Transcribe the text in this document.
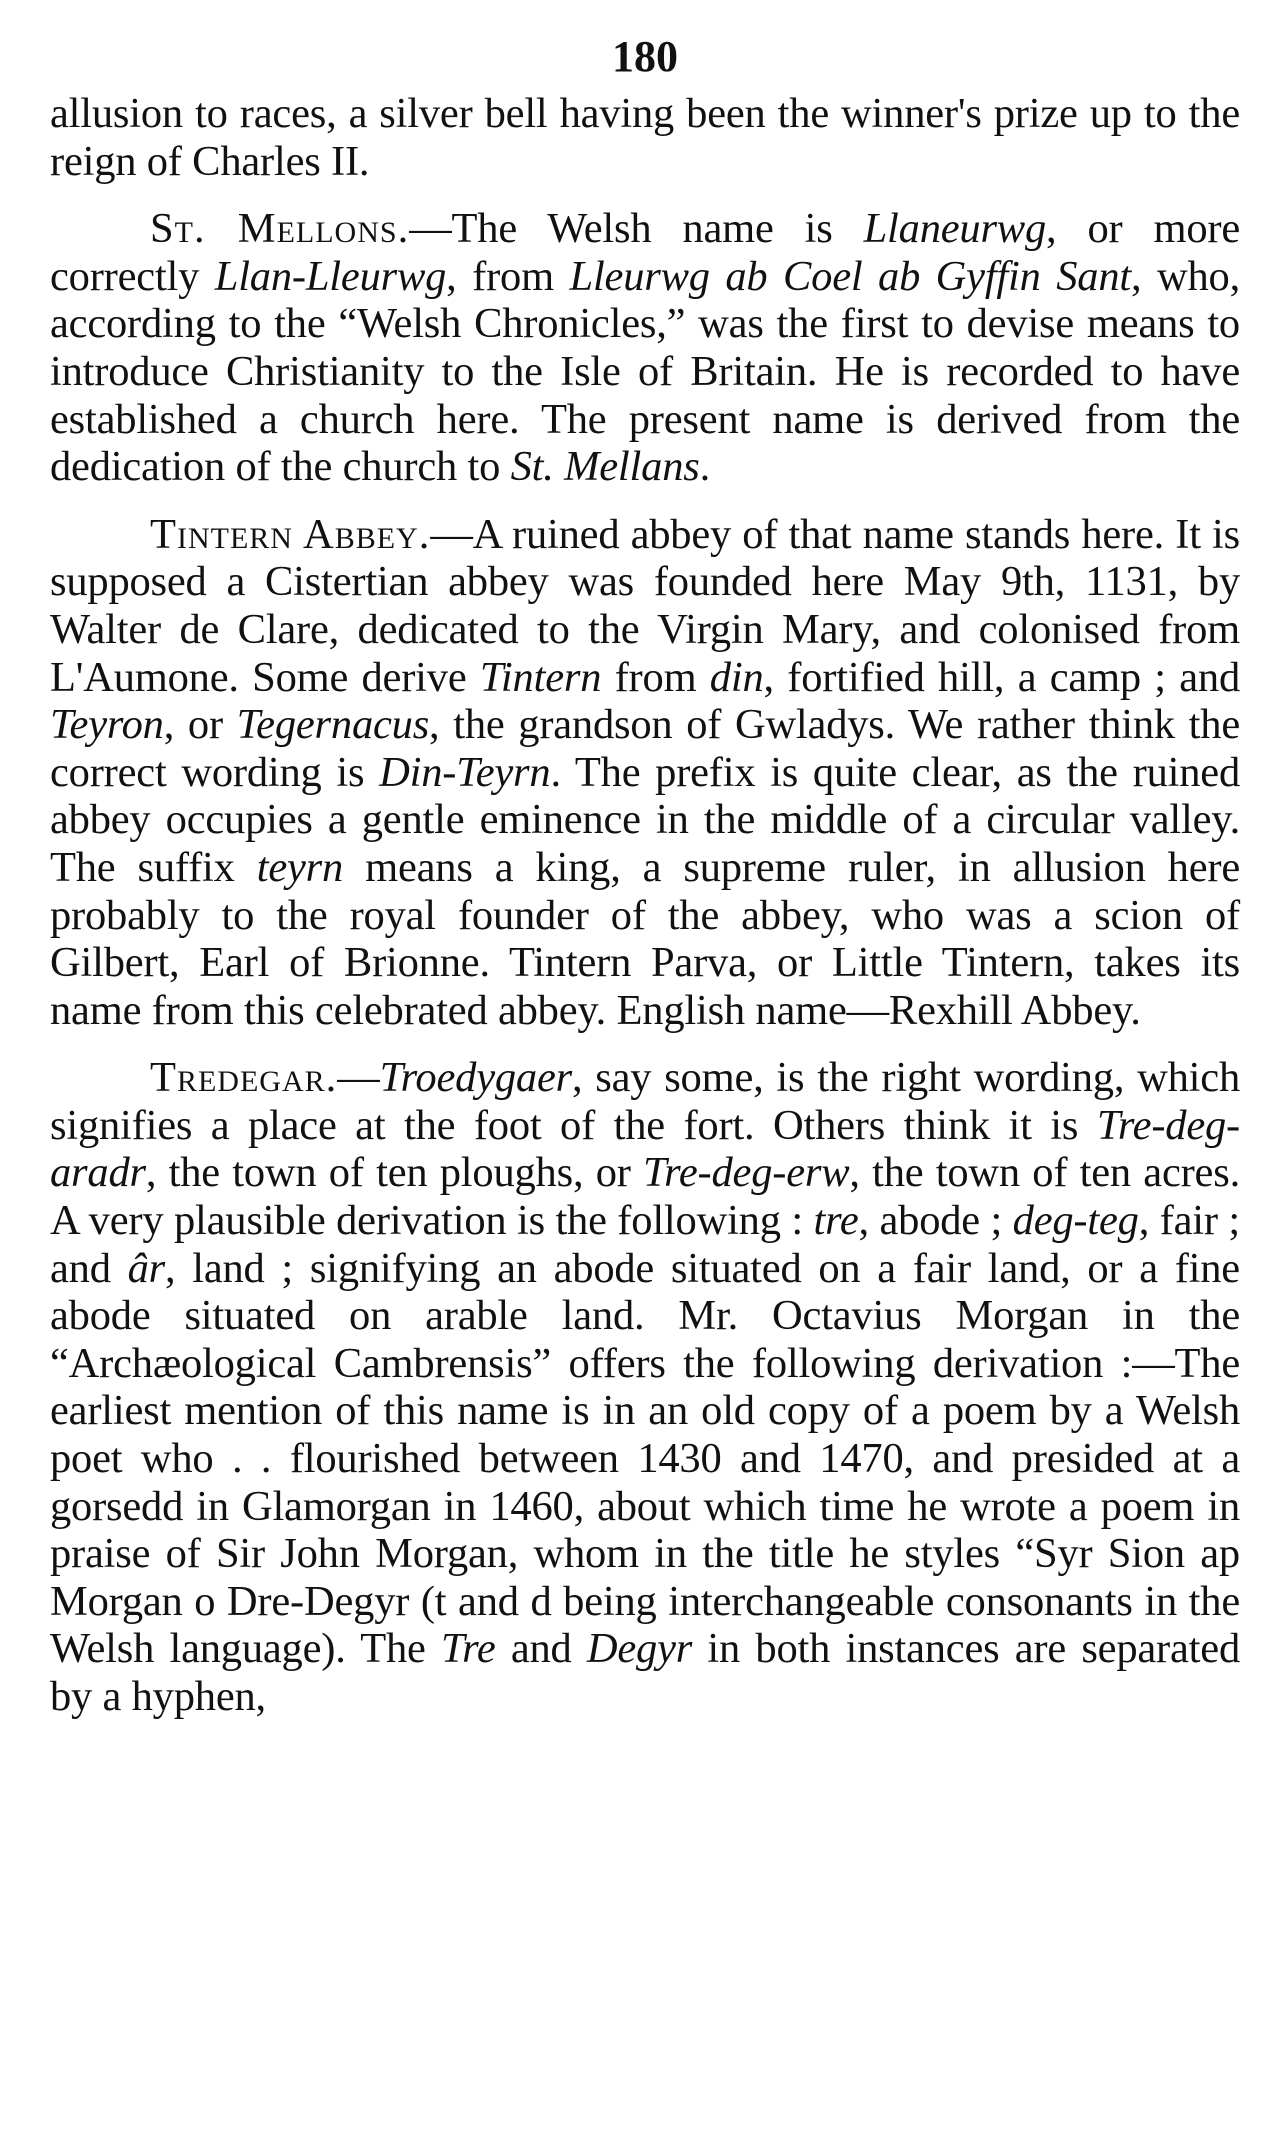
180

allusion to races, a silver bell having been the winner's prize up to the reign of Charles II.

St. Mellons.—The Welsh name is Llaneurwg, or more correctly Llan-Lleurwg, from Lleurwg ab Coel ab Gyffin Sant, who, according to the “Welsh Chronicles,” was the first to devise means to introduce Christianity to the Isle of Britain. He is recorded to have established a church here. The present name is derived from the dedication of the church to St. Mellans.

Tintern Abbey.—A ruined abbey of that name stands here. It is supposed a Cistertian abbey was founded here May 9th, 1131, by Walter de Clare, dedicated to the Virgin Mary, and colonised from L'Aumone. Some derive Tintern from din, fortified hill, a camp ; and Teyron, or Tegernacus, the grandson of Gwladys. We rather think the correct wording is Din-Teyrn. The prefix is quite clear, as the ruined abbey occupies a gentle eminence in the middle of a circular valley. The suffix teyrn means a king, a supreme ruler, in allusion here probably to the royal founder of the abbey, who was a scion of Gilbert, Earl of Brionne. Tintern Parva, or Little Tintern, takes its name from this celebrated abbey. English name—Rexhill Abbey.

Tredegar.—Troedygaer, say some, is the right wording, which signifies a place at the foot of the fort. Others think it is Tre-deg-aradr, the town of ten ploughs, or Tre-deg-erw, the town of ten acres. A very plausible derivation is the following : tre, abode ; deg-teg, fair ; and âr, land ; signifying an abode situated on a fair land, or a fine abode situated on arable land. Mr. Octavius Morgan in the “Archæological Cambrensis” offers the following derivation :—The earliest mention of this name is in an old copy of a poem by a Welsh poet who . . flourished between 1430 and 1470, and presided at a gorsedd in Glamorgan in 1460, about which time he wrote a poem in praise of Sir John Morgan, whom in the title he styles “Syr Sion ap Morgan o Dre-Degyr (t and d being interchangeable consonants in the Welsh language). The Tre and Degyr in both instances are separated by a hyphen,
